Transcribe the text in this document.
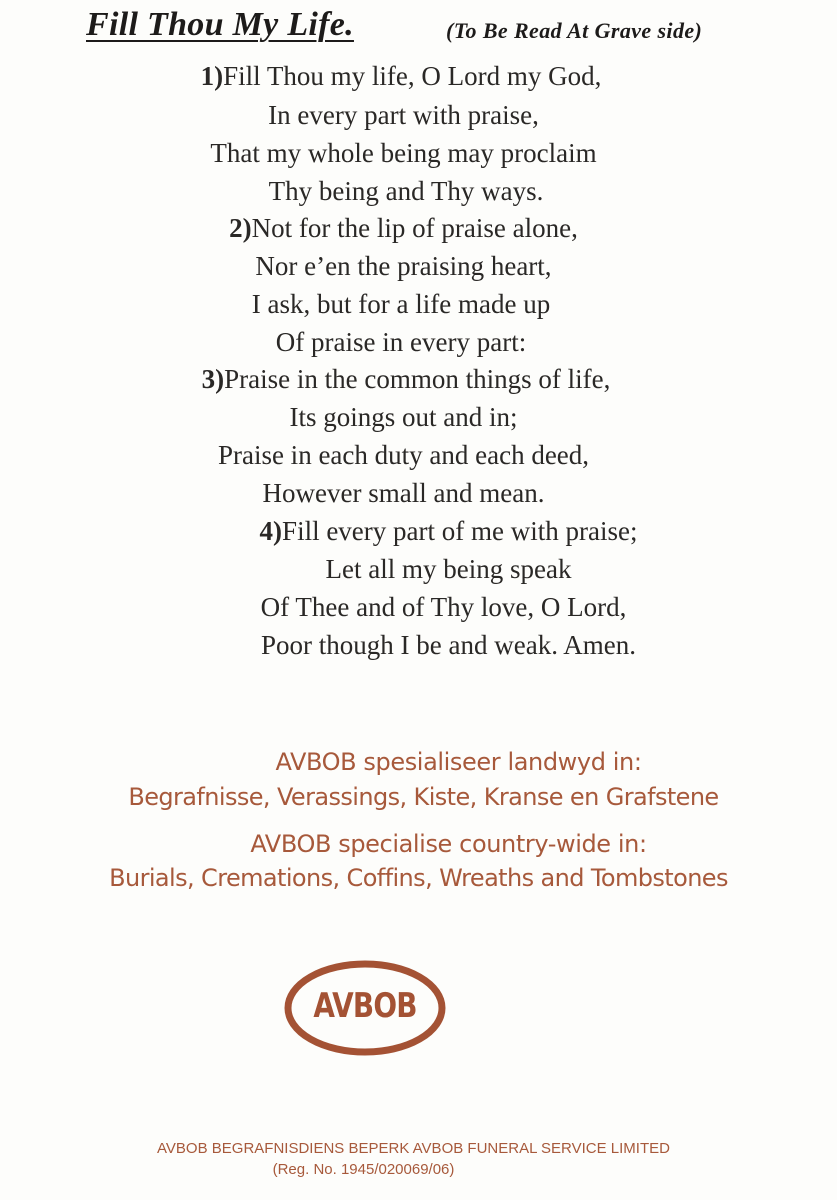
Fill Thou My Life.	(To Be Read At Grave side)
1)Fill Thou my life, O Lord my God,
In every part with praise,
That my whole being may proclaim
Thy being and Thy ways.
2)Not for the lip of praise alone,
Nor e’en the praising heart,
I ask, but for a life made up
Of praise in every part:
3)Praise in the common things of life,
Its goings out and in;
Praise in each duty and each deed,
However small and mean.
4)Fill every part of me with praise;
Let all my being speak
Of Thee and of Thy love, O Lord,
Poor though I be and weak. Amen.
AVBOB spesialiseer landwyd in:
Begrafnisse, Verassings, Kiste, Kranse en Grafstene
AVBOB specialise country-wide in:
Burials, Cremations, Coffins, Wreaths and Tombstones
AVBOB
AVBOB BEGRAFNISDIENS BEPERK AVBOB FUNERAL SERVICE LIMITED
(Reg. No. 1945/020069/06)
